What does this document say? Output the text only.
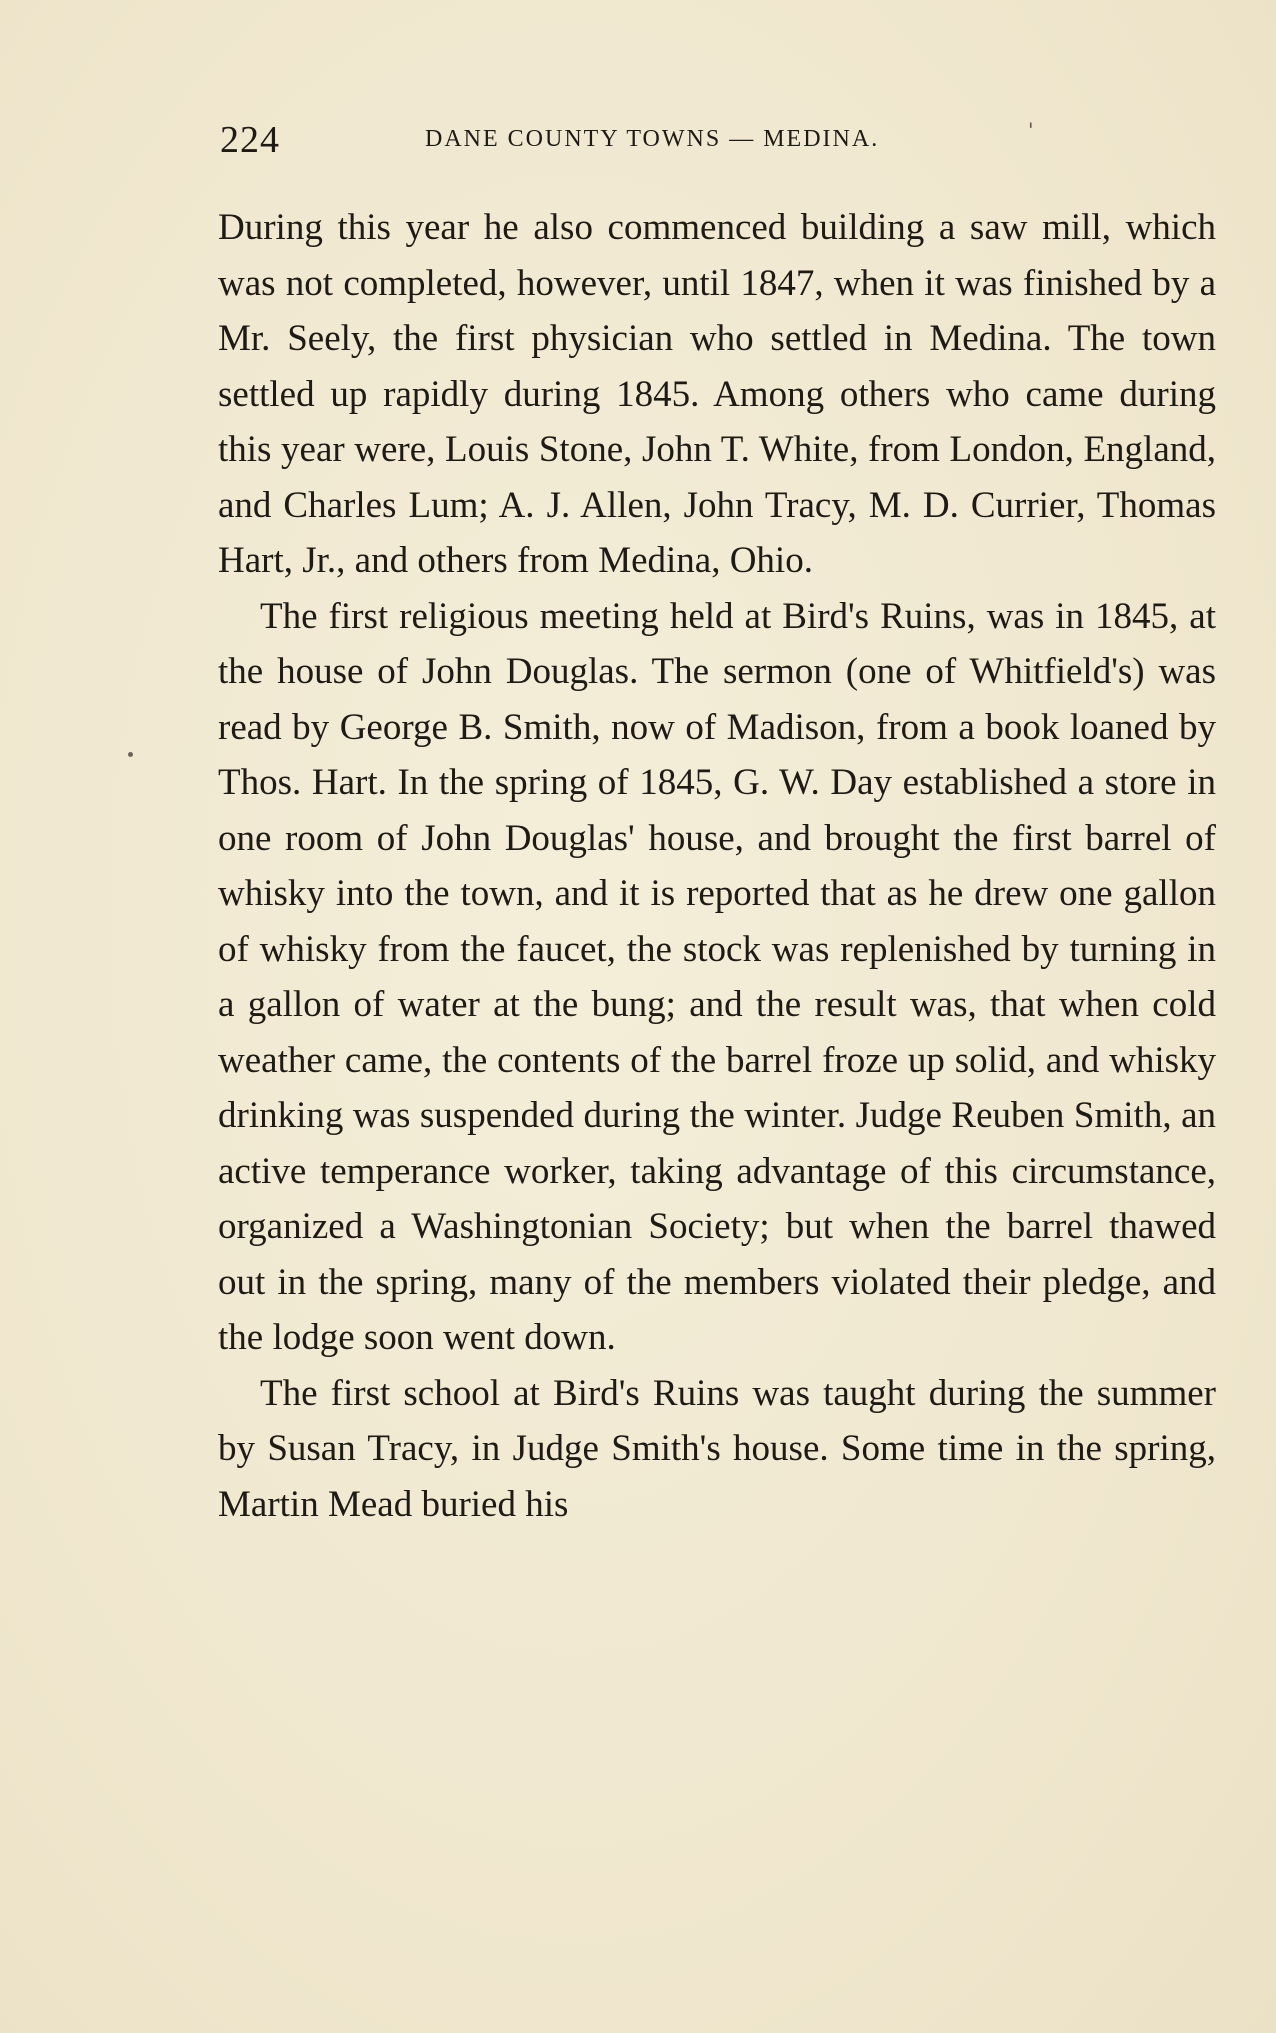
224	DANE COUNTY TOWNS — MEDINA.	'

During this year he also commenced building a saw mill, which was not completed, however, until 1847, when it was finished by a Mr. Seely, the first physician who settled in Medina. The town settled up rapidly during 1845. Among others who came during this year were, Louis Stone, John T. White, from London, England, and Charles Lum; A. J. Allen, John Tracy, M. D. Currier, Thomas Hart, Jr., and others from Medina, Ohio.

The first religious meeting held at Bird's Ruins, was in 1845, at the house of John Douglas. The sermon (one of Whitfield's) was read by George B. Smith, now of Madison, from a book loaned by Thos. Hart. In the spring of 1845, G. W. Day established a store in one room of John Douglas' house, and brought the first barrel of whisky into the town, and it is reported that as he drew one gallon of whisky from the faucet, the stock was replenished by turning in a gallon of water at the bung; and the result was, that when cold weather came, the contents of the barrel froze up solid, and whisky drinking was suspended during the winter. Judge Reuben Smith, an active temperance worker, taking advantage of this circumstance, organized a Washingtonian Society; but when the barrel thawed out in the spring, many of the members violated their pledge, and the lodge soon went down.

The first school at Bird's Ruins was taught during the summer by Susan Tracy, in Judge Smith's house. Some time in the spring, Martin Mead buried his
